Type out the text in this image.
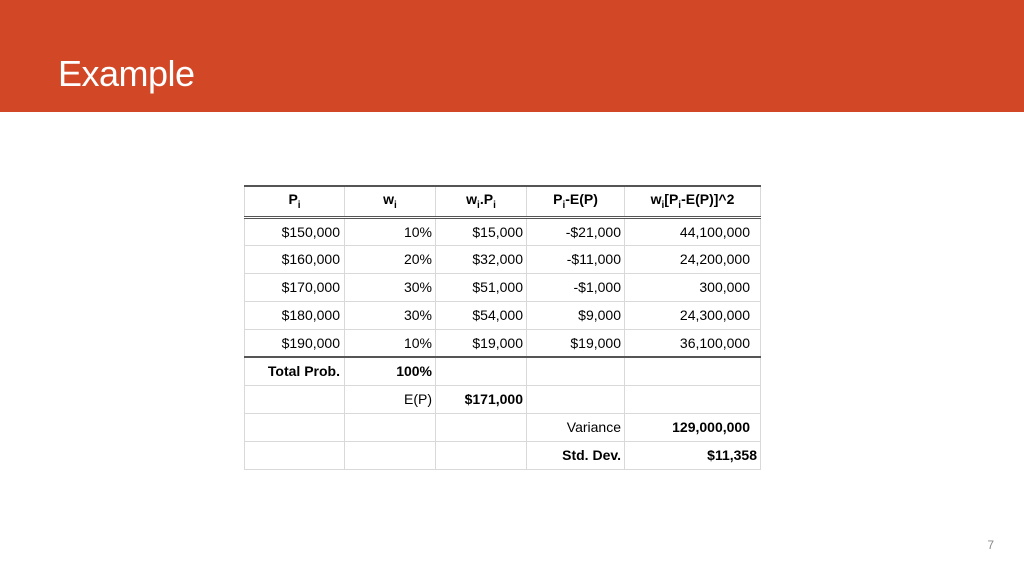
Example
$P_i$	$w_i$	$w_i.P_i$	$P_i-E(P)$	$w_i[P_i-E(P)]\^{}2$
$150,000	10%	$15,000	-$21,000	44,100,000
$160,000	20%	$32,000	-$11,000	24,200,000
$170,000	30%	$51,000	-$1,000	300,000
$180,000	30%	$54,000	$9,000	24,300,000
$190,000	10%	$19,000	$19,000	36,100,000
Total Prob.	100%			
	E(P)	$171,000		
			Variance	129,000,000
			Std. Dev.	$11,358
7
